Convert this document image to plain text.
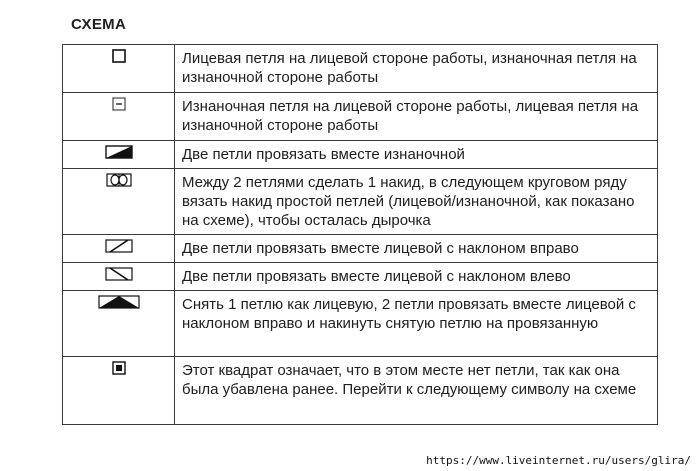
СХЕМА
	Лицевая петля на лицевой стороне работы, изнаночная петля на изнаночной стороне работы

	Изнаночная петля на лицевой стороне работы, лицевая петля на изнаночной стороне работы

	Две петли провязать вместе изнаночной

	Между 2 петлями сделать 1 накид, в следующем круговом ряду вязать накид простой петлей (лицевой/изнаночной, как показано на схеме), чтобы осталась дырочка

	Две петли провязать вместе лицевой с наклоном вправо

	Две петли провязать вместе лицевой с наклоном влево

	Снять 1 петлю как лицевую, 2 петли провязать вместе лицевой с наклоном вправо и накинуть снятую петлю на провязанную

	Этот квадрат означает, что в этом месте нет петли, так как она была убавлена ранее. Перейти к следующему символу на схеме
https://www.liveinternet.ru/users/glira/
